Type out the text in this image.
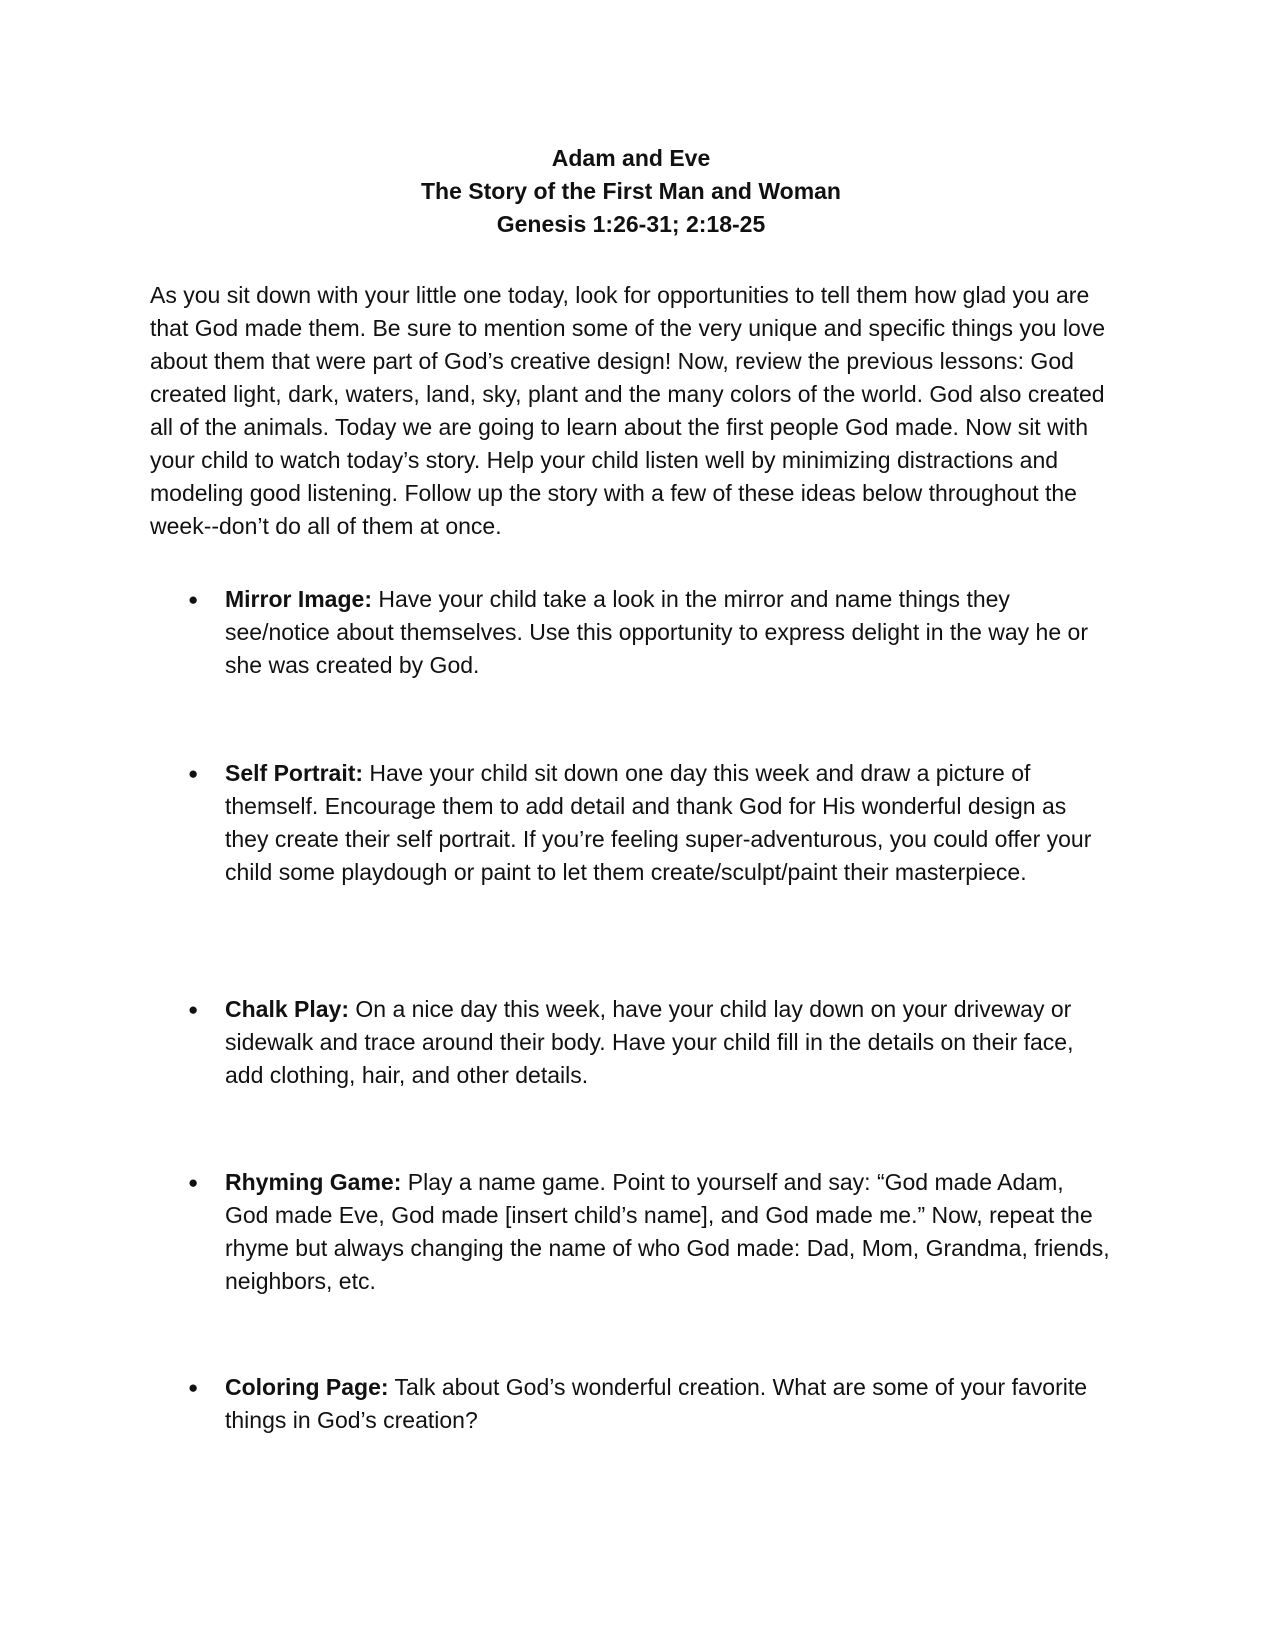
Adam and Eve
The Story of the First Man and Woman
Genesis 1:26-31; 2:18-25

As you sit down with your little one today, look for opportunities to tell them how glad you are that God made them. Be sure to mention some of the very unique and specific things you love about them that were part of God’s creative design! Now, review the previous lessons: God created light, dark, waters, land, sky, plant and the many colors of the world. God also created all of the animals. Today we are going to learn about the first people God made. Now sit with your child to watch today’s story. Help your child listen well by minimizing distractions and modeling good listening. Follow up the story with a few of these ideas below throughout the week--don’t do all of them at once.

● Mirror Image: Have your child take a look in the mirror and name things they see/notice about themselves. Use this opportunity to express delight in the way he or she was created by God.
● Self Portrait: Have your child sit down one day this week and draw a picture of themself. Encourage them to add detail and thank God for His wonderful design as they create their self portrait. If you’re feeling super-adventurous, you could offer your child some playdough or paint to let them create/sculpt/paint their masterpiece.
● Chalk Play: On a nice day this week, have your child lay down on your driveway or sidewalk and trace around their body. Have your child fill in the details on their face, add clothing, hair, and other details.
● Rhyming Game: Play a name game. Point to yourself and say: “God made Adam, God made Eve, God made [insert child’s name], and God made me.” Now, repeat the rhyme but always changing the name of who God made: Dad, Mom, Grandma, friends, neighbors, etc.
● Coloring Page: Talk about God’s wonderful creation. What are some of your favorite things in God’s creation?
